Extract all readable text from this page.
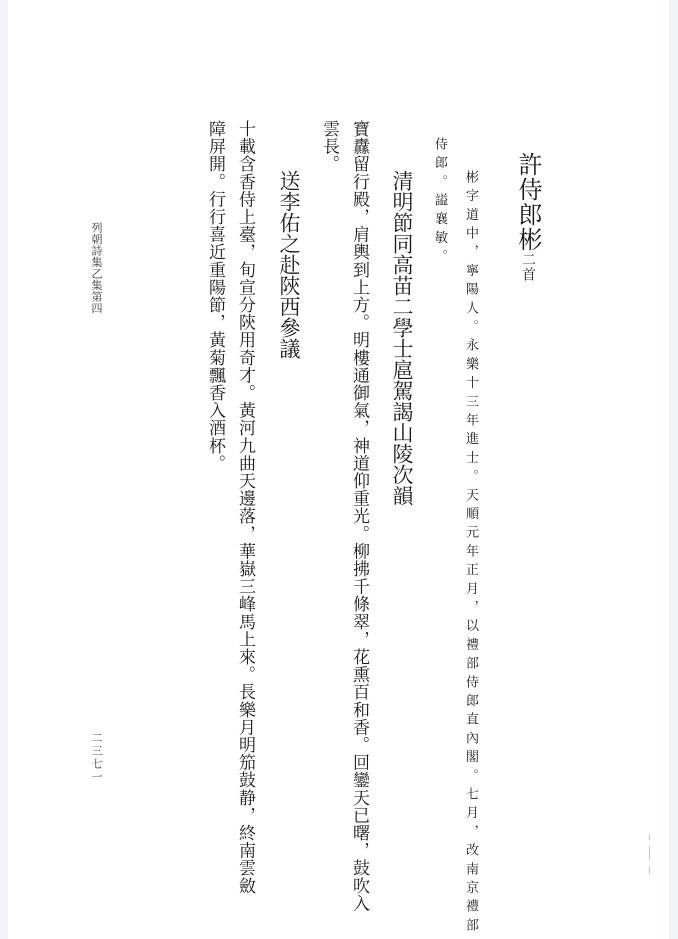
許侍郎彬二首

彬字道中，寧陽人。永樂十三年進士。天順元年正月，以禮部侍郎直內閣。七月，改南京禮部

侍郎。謚襄敏。

清明節同高苗二學士扈駕謁山陵次韻

寶纛留行殿，肩輿到上方。明樓通御氣，神道仰重光。柳拂千條翠，花熏百和香。回鑾天已曙，鼓吹入

雲長。

送李佑之赴陝西參議

十載含香侍上臺，旬宣分陝用奇才。黃河九曲天邊落，華嶽三峰馬上來。長樂月明笳鼓静，終南雲斂

障屏開。行行喜近重陽節，黃菊飄香入酒杯。

列朝詩集乙集第四

二三七一
